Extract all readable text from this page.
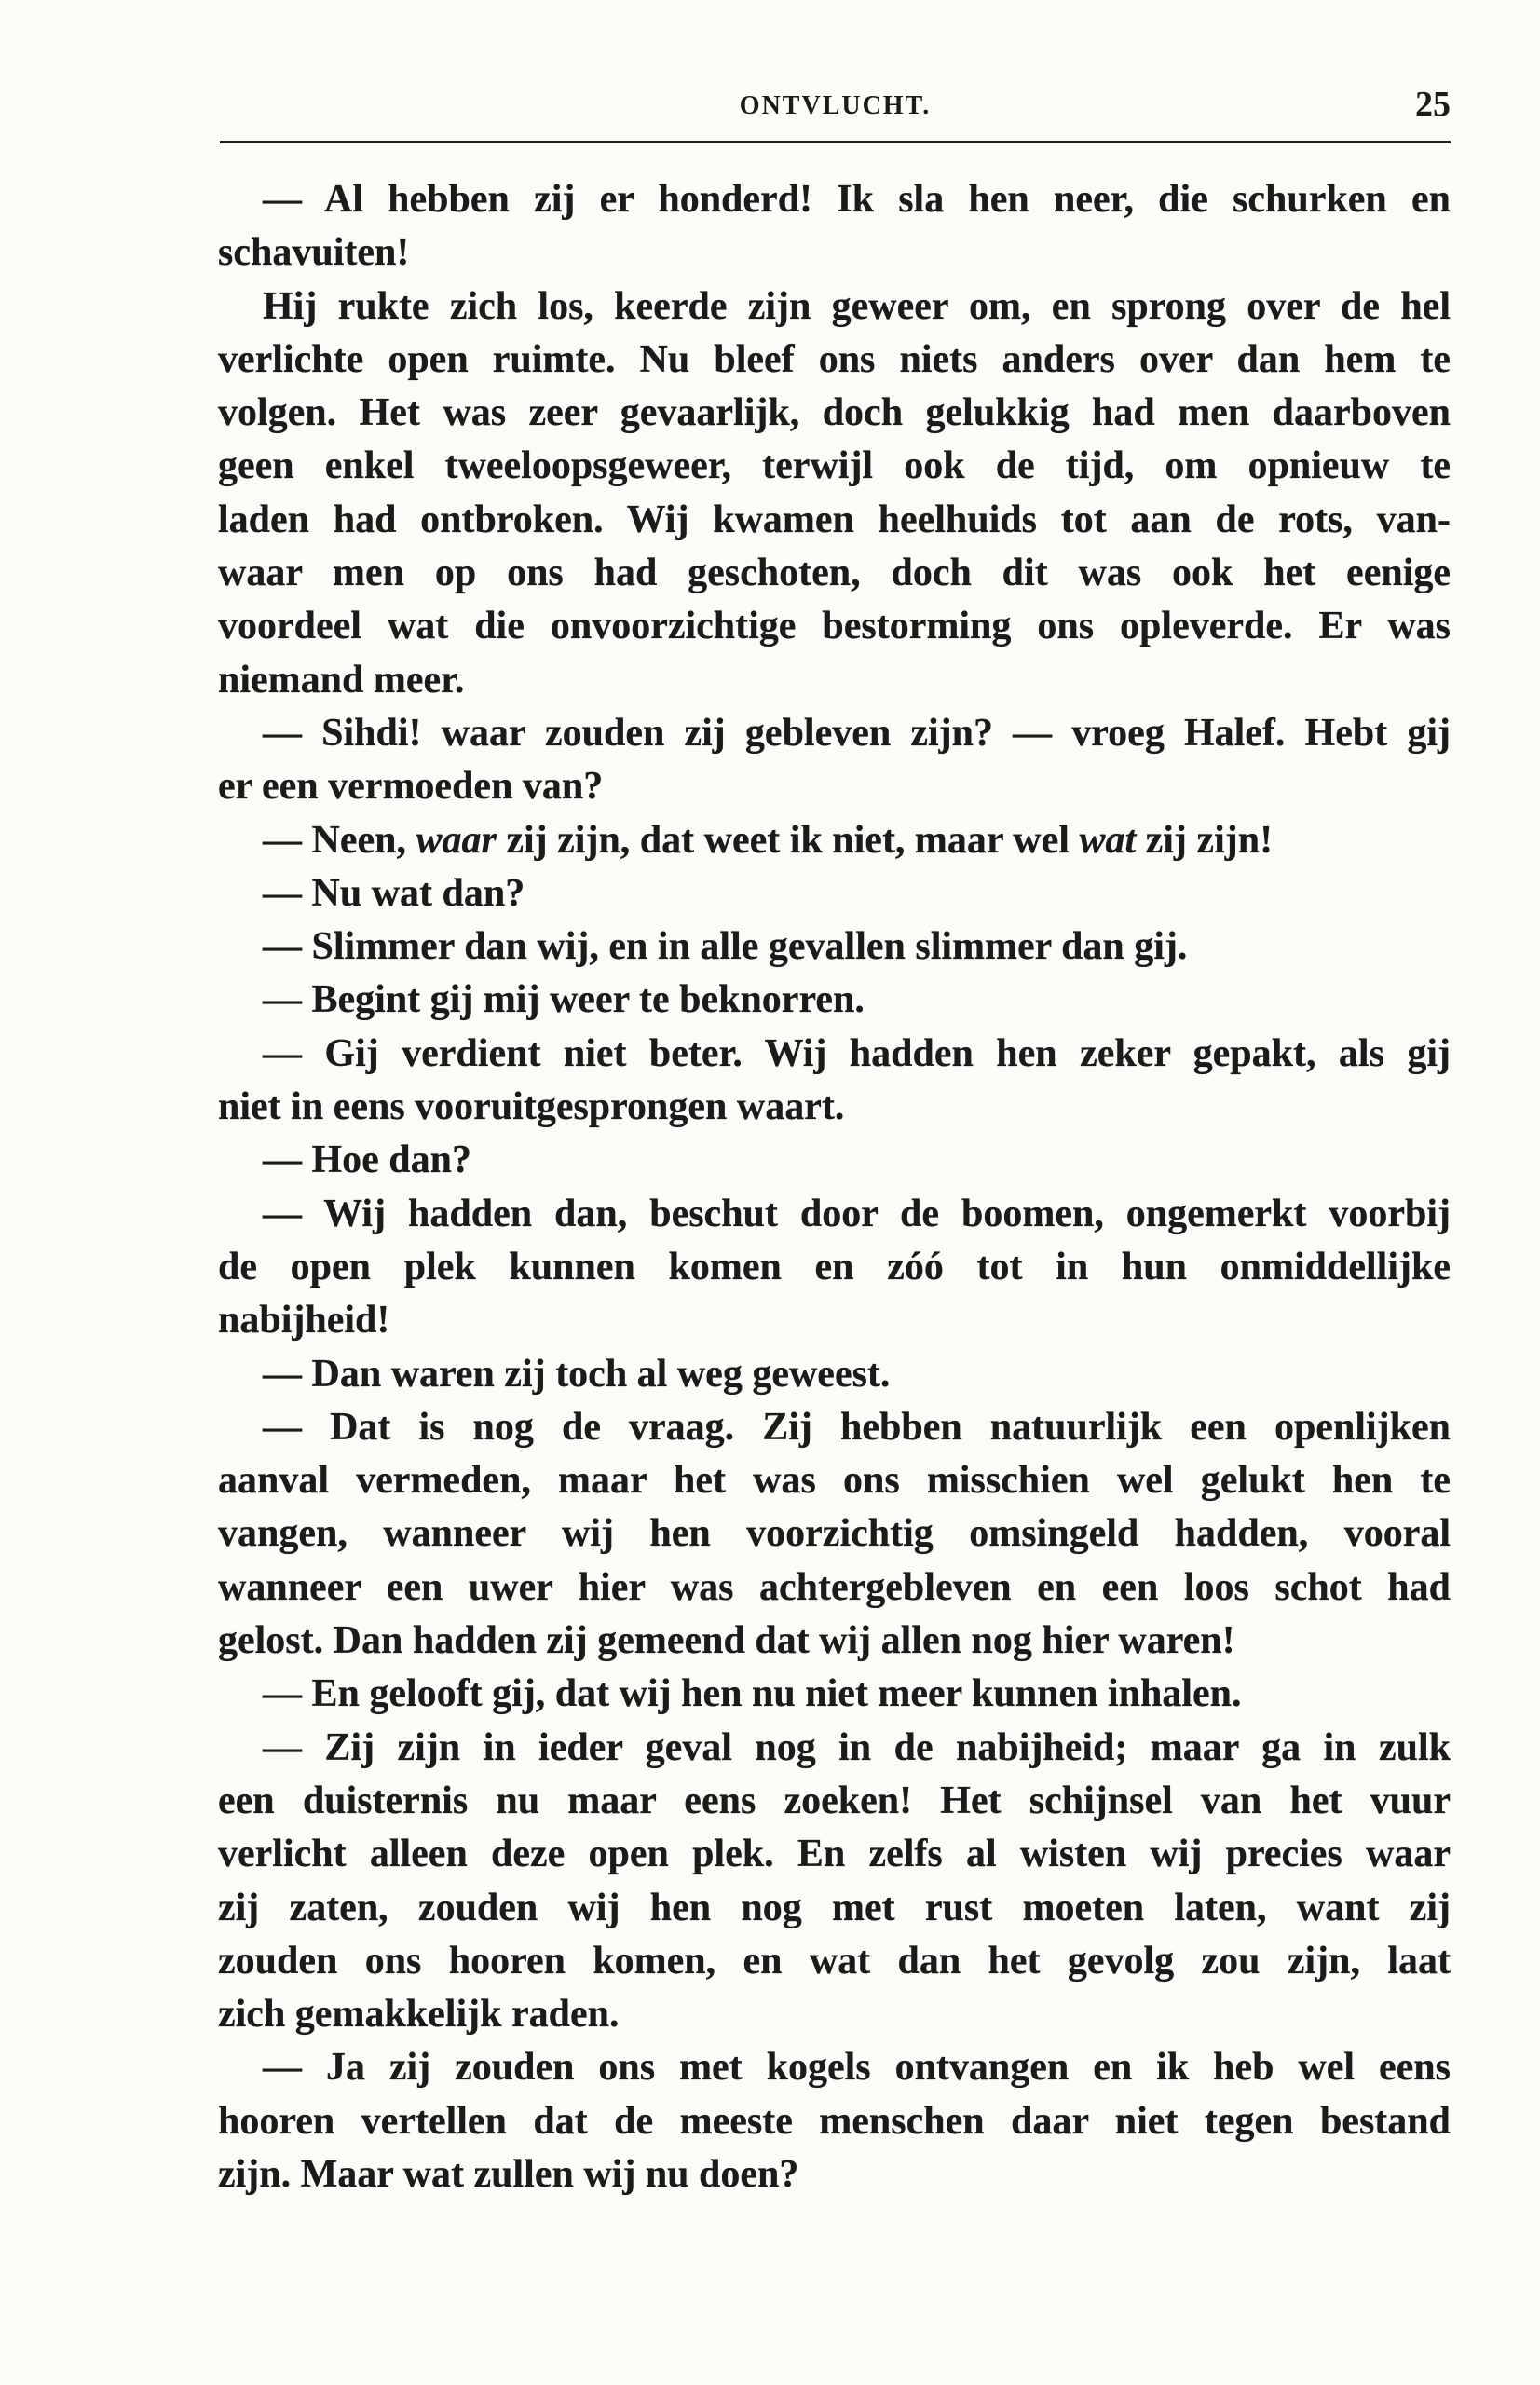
ONTVLUCHT.	25
— Al hebben zij er honderd! Ik sla hen neer, die schurken en
schavuiten!
Hij rukte zich los, keerde zijn geweer om, en sprong over de hel
verlichte open ruimte. Nu bleef ons niets anders over dan hem te
volgen. Het was zeer gevaarlijk, doch gelukkig had men daarboven
geen enkel tweeloopsgeweer, terwijl ook de tijd, om opnieuw te
laden had ontbroken. Wij kwamen heelhuids tot aan de rots, van-
waar men op ons had geschoten, doch dit was ook het eenige
voordeel wat die onvoorzichtige bestorming ons opleverde. Er was
niemand meer.
— Sihdi! waar zouden zij gebleven zijn? — vroeg Halef. Hebt gij
er een vermoeden van?
— Neen, waar zij zijn, dat weet ik niet, maar wel wat zij zijn!
— Nu wat dan?
— Slimmer dan wij, en in alle gevallen slimmer dan gij.
— Begint gij mij weer te beknorren.
— Gij verdient niet beter. Wij hadden hen zeker gepakt, als gij
niet in eens vooruitgesprongen waart.
— Hoe dan?
— Wij hadden dan, beschut door de boomen, ongemerkt voorbij
de open plek kunnen komen en zóó tot in hun onmiddellijke
nabijheid!
— Dan waren zij toch al weg geweest.
— Dat is nog de vraag. Zij hebben natuurlijk een openlijken
aanval vermeden, maar het was ons misschien wel gelukt hen te
vangen, wanneer wij hen voorzichtig omsingeld hadden, vooral
wanneer een uwer hier was achtergebleven en een loos schot had
gelost. Dan hadden zij gemeend dat wij allen nog hier waren!
— En gelooft gij, dat wij hen nu niet meer kunnen inhalen.
— Zij zijn in ieder geval nog in de nabijheid; maar ga in zulk
een duisternis nu maar eens zoeken! Het schijnsel van het vuur
verlicht alleen deze open plek. En zelfs al wisten wij precies waar
zij zaten, zouden wij hen nog met rust moeten laten, want zij
zouden ons hooren komen, en wat dan het gevolg zou zijn, laat
zich gemakkelijk raden.
— Ja zij zouden ons met kogels ontvangen en ik heb wel eens
hooren vertellen dat de meeste menschen daar niet tegen bestand
zijn. Maar wat zullen wij nu doen?
